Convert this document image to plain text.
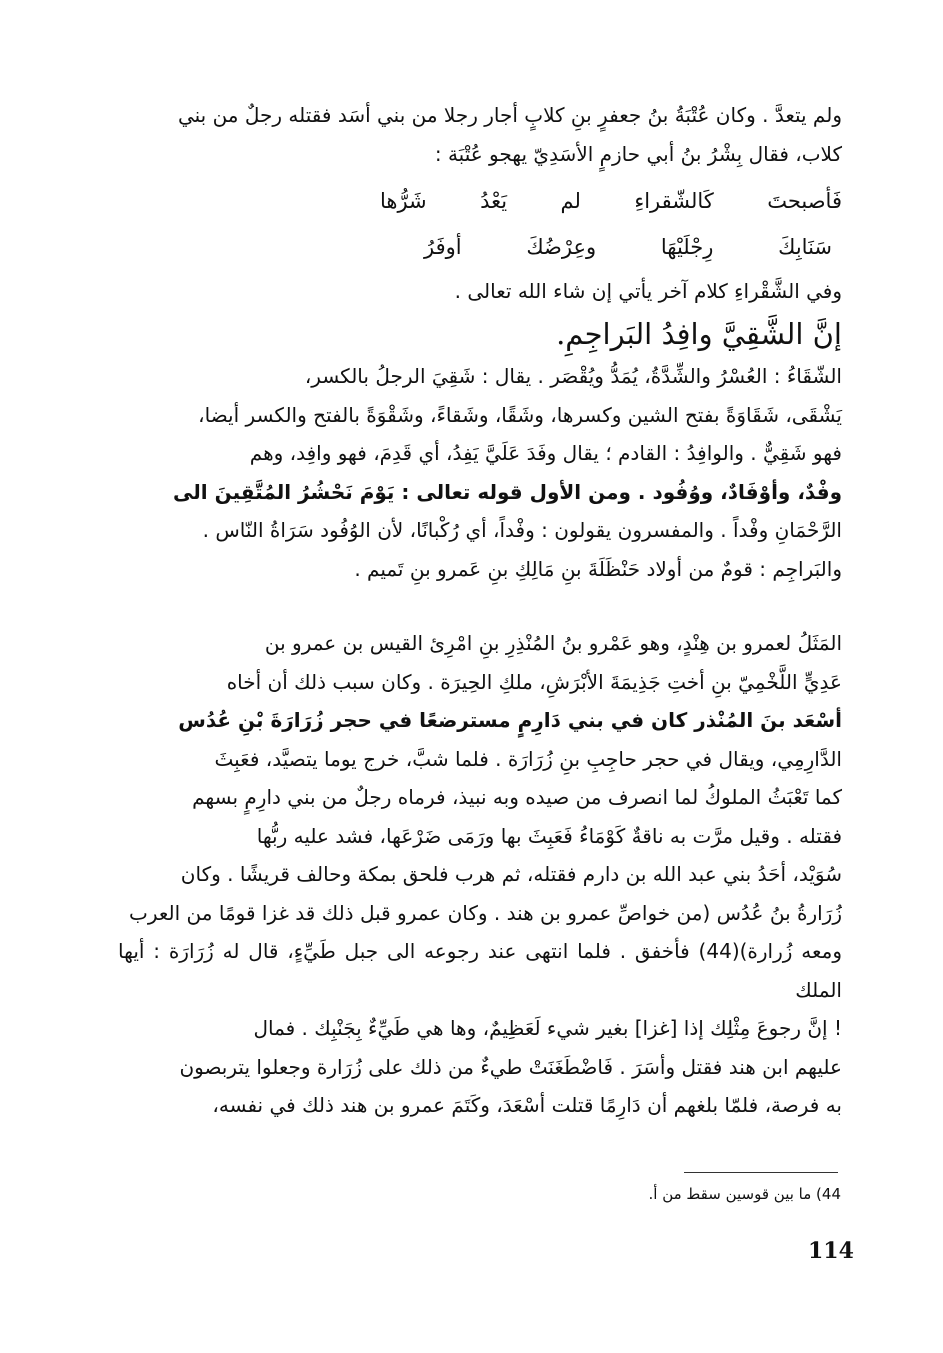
ولم يتعدَّ . وكان عُتْبَةُ بنُ جعفرٍ بنِ كلابٍ أجار رجلا من بني أسَد فقتله رجلٌ من بني

كلاب، فقال بِشْرُ بنُ أبي حازمٍ الأسَدِيّ يهجو عُتْبَة :

فَأصبحتَ كَالشّقراءِ لم يَعْدُ شَرُّها
سَنَابِكَ رِجْلَيْهَا وعِرْضُكَ أوفَرُ

وفي الشَّقْراءِ كلام آخر يأتي إن شاء الله تعالى .

إنَّ الشَّقِيَّ وافِدُ البَراجِمِ.

الشّقَاءُ : العُسْرُ والشِّدَّةُ، يُمَدُّ ويُقْصَر . يقال : شَقِيَ الرجلُ بالكسر،

يَشْقَى، شَقَاوَةً بفتح الشين وكسرها، وشَقًا، وشَقاءً، وشَقْوَةً بالفتح والكسر أيضا،

فهو شَقِيٌّ . والوافِدُ : القادم ؛ يقال وفَدَ عَلَيَّ يَفِدُ، أي قَدِمَ، فهو وافِد، وهم

وفْدٌ، وأوْفَادٌ، ووُفُود . ومن الأول قوله تعالى : يَوْمَ نَحْشُرُ المُتَّقِينَ الى

الرَّحْمَانِ وفْداً . والمفسرون يقولون : وفْداً، أي رُكْبانًا، لأن الوُفُود سَرَاةُ النّاس .

والبَراجِم : قومٌ من أولاد حَنْظَلَةَ بنِ مَالِكِ بنِ عَمرو بنِ تَميم .

المَثَلُ لعمرو بن هِنْدٍ، وهو عَمْرو بنُ المُنْذِرِ بنِ امْرِئ القيس بن عمرو بن

عَدِيٍّ اللَّخْمِيّ بنِ أختِ جَذِيمَةَ الأبْرَشِ، ملكِ الحِيرَة . وكان سبب ذلك أن أخاه

أسْعَد بنَ المُنْذر كان في بني دَارِمٍ مسترضعًا في حجر زُرَارَةَ بْنِ عُدُس

الدَّارِمِي، ويقال في حجر حاجِبِ بنِ زُرَارَة . فلما شبَّ، خرج يوما يتصيَّد، فعَبِثَ

كما تَعْبَثُ الملوكُ لما انصرف من صيده وبه نبيذ، فرماه رجلٌ من بني دارِمٍ بسهم

فقتله . وقيل مرَّت به ناقةٌ كَوْمَاءُ فَعَبِثَ بها ورَمَى ضَرْعَها، فشد عليه ربُّها

سُوَيْد، أحَدُ بني عبد الله بن دارم فقتله، ثم هرب فلحق بمكة وحالف قريشًا . وكان

زُرَارةُ بنُ عُدُس (من خواصِّ عمرو بن هند . وكان عمرو قبل ذلك قد غزا قومًا من العرب

ومعه زُرارة)(44) فأخفق . فلما انتهى عند رجوعه الى جبل طَيِّءٍ، قال له زُرَارَة : أيها الملك

! إنَّ رجوعَ مِثْلِك إذا [غزا] بغير شيء لَعَظِيمٌ، وها هي طَيِّءٌ بِجَنْبِك . فمال

عليهم ابن هند فقتل وأسَرَ . فَاضْطَغَنَتْ طيءٌ من ذلك على زُرَارة وجعلوا يتربصون

به فرصة، فلمّا بلغهم أن دَارِمًا قتلت أسْعَدَ، وكَتَمَ عمرو بن هند ذلك في نفسه،

44) ما بين قوسين سقط من أ.
114
